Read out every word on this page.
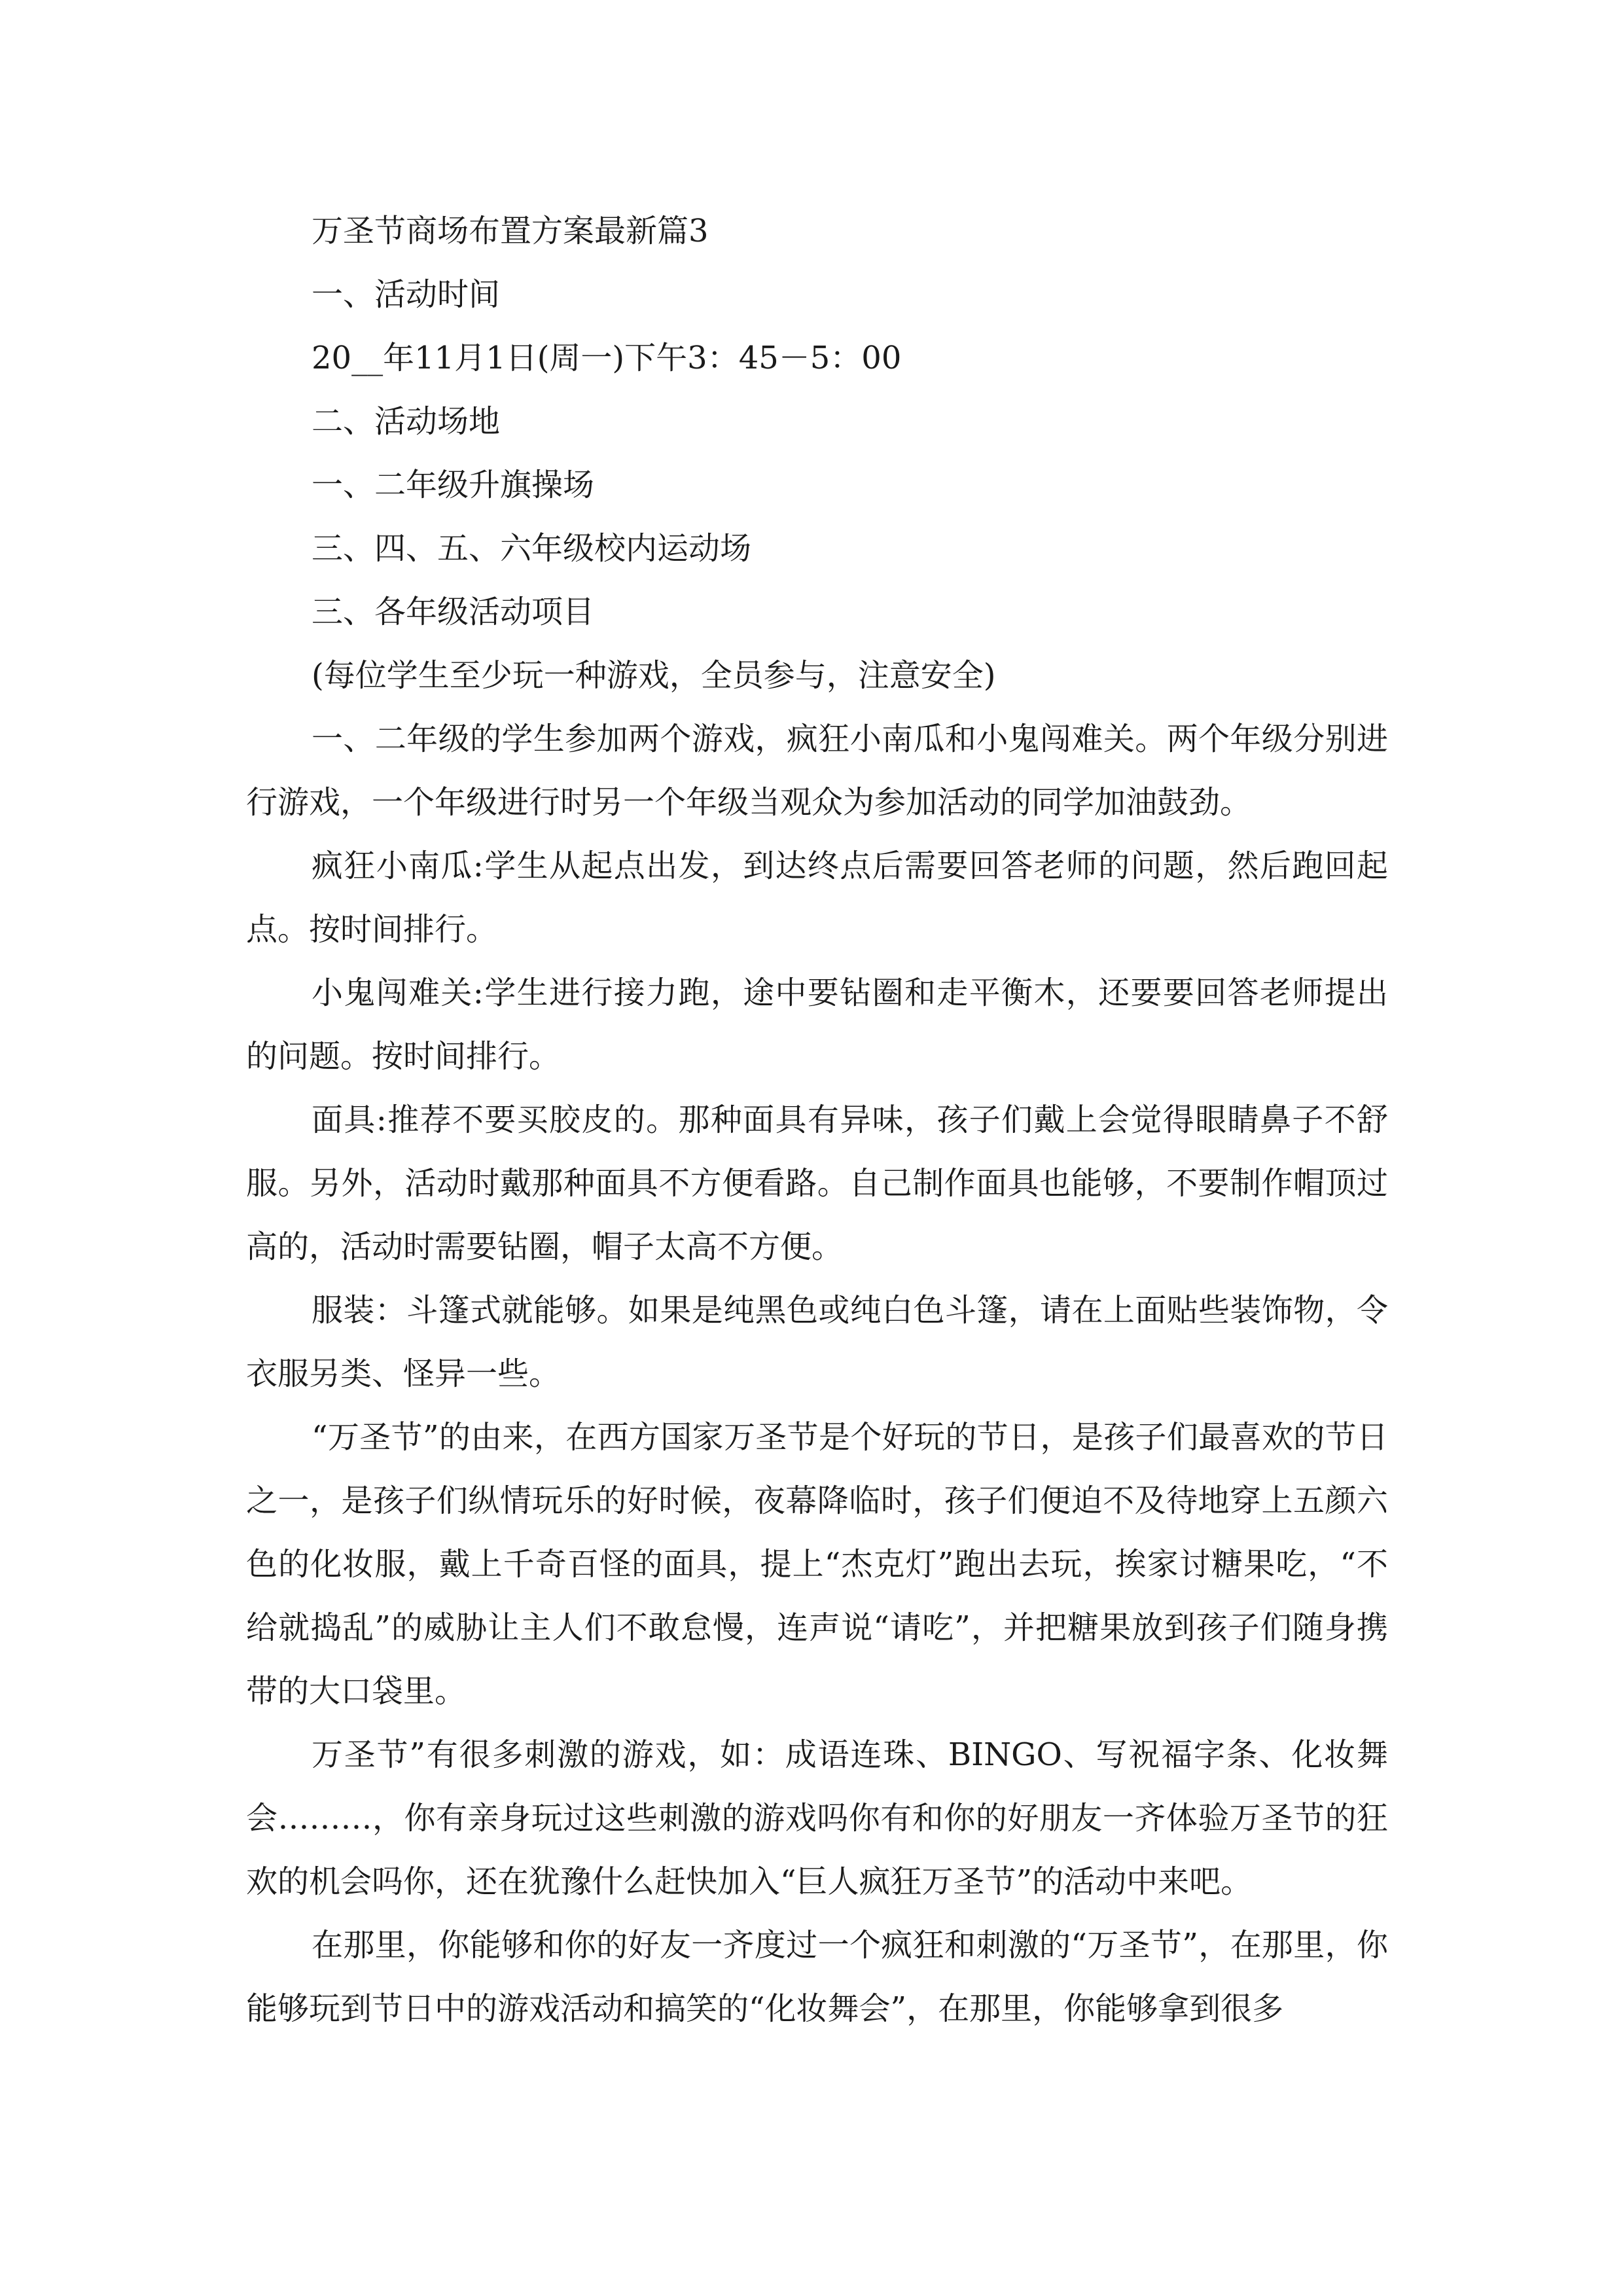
万圣节商场布置方案最新篇3

一、活动时间

20__年11月1日(周一)下午3：45－5：00

二、活动场地

一、二年级升旗操场

三、四、五、六年级校内运动场

三、各年级活动项目

(每位学生至少玩一种游戏，全员参与，注意安全)

一、二年级的学生参加两个游戏，疯狂小南瓜和小鬼闯难关。两个年级分别进行游戏，一个年级进行时另一个年级当观众为参加活动的同学加油鼓劲。

疯狂小南瓜:学生从起点出发，到达终点后需要回答老师的问题，然后跑回起点。按时间排行。

小鬼闯难关:学生进行接力跑，途中要钻圈和走平衡木，还要要回答老师提出的问题。按时间排行。

面具:推荐不要买胶皮的。那种面具有异味，孩子们戴上会觉得眼睛鼻子不舒服。另外，活动时戴那种面具不方便看路。自己制作面具也能够，不要制作帽顶过高的，活动时需要钻圈，帽子太高不方便。

服装：斗篷式就能够。如果是纯黑色或纯白色斗篷，请在上面贴些装饰物，令衣服另类、怪异一些。

“万圣节”的由来，在西方国家万圣节是个好玩的节日，是孩子们最喜欢的节日之一，是孩子们纵情玩乐的好时候，夜幕降临时，孩子们便迫不及待地穿上五颜六色的化妆服，戴上千奇百怪的面具，提上“杰克灯”跑出去玩，挨家讨糖果吃，“不给就捣乱”的威胁让主人们不敢怠慢，连声说“请吃”，并把糖果放到孩子们随身携带的大口袋里。

万圣节”有很多刺激的游戏，如：成语连珠、BINGO、写祝福字条、化妆舞会………，你有亲身玩过这些刺激的游戏吗你有和你的好朋友一齐体验万圣节的狂欢的机会吗你，还在犹豫什么赶快加入“巨人疯狂万圣节”的活动中来吧。

在那里，你能够和你的好友一齐度过一个疯狂和刺激的“万圣节”，在那里，你能够玩到节日中的游戏活动和搞笑的“化妆舞会”，在那里，你能够拿到很多
